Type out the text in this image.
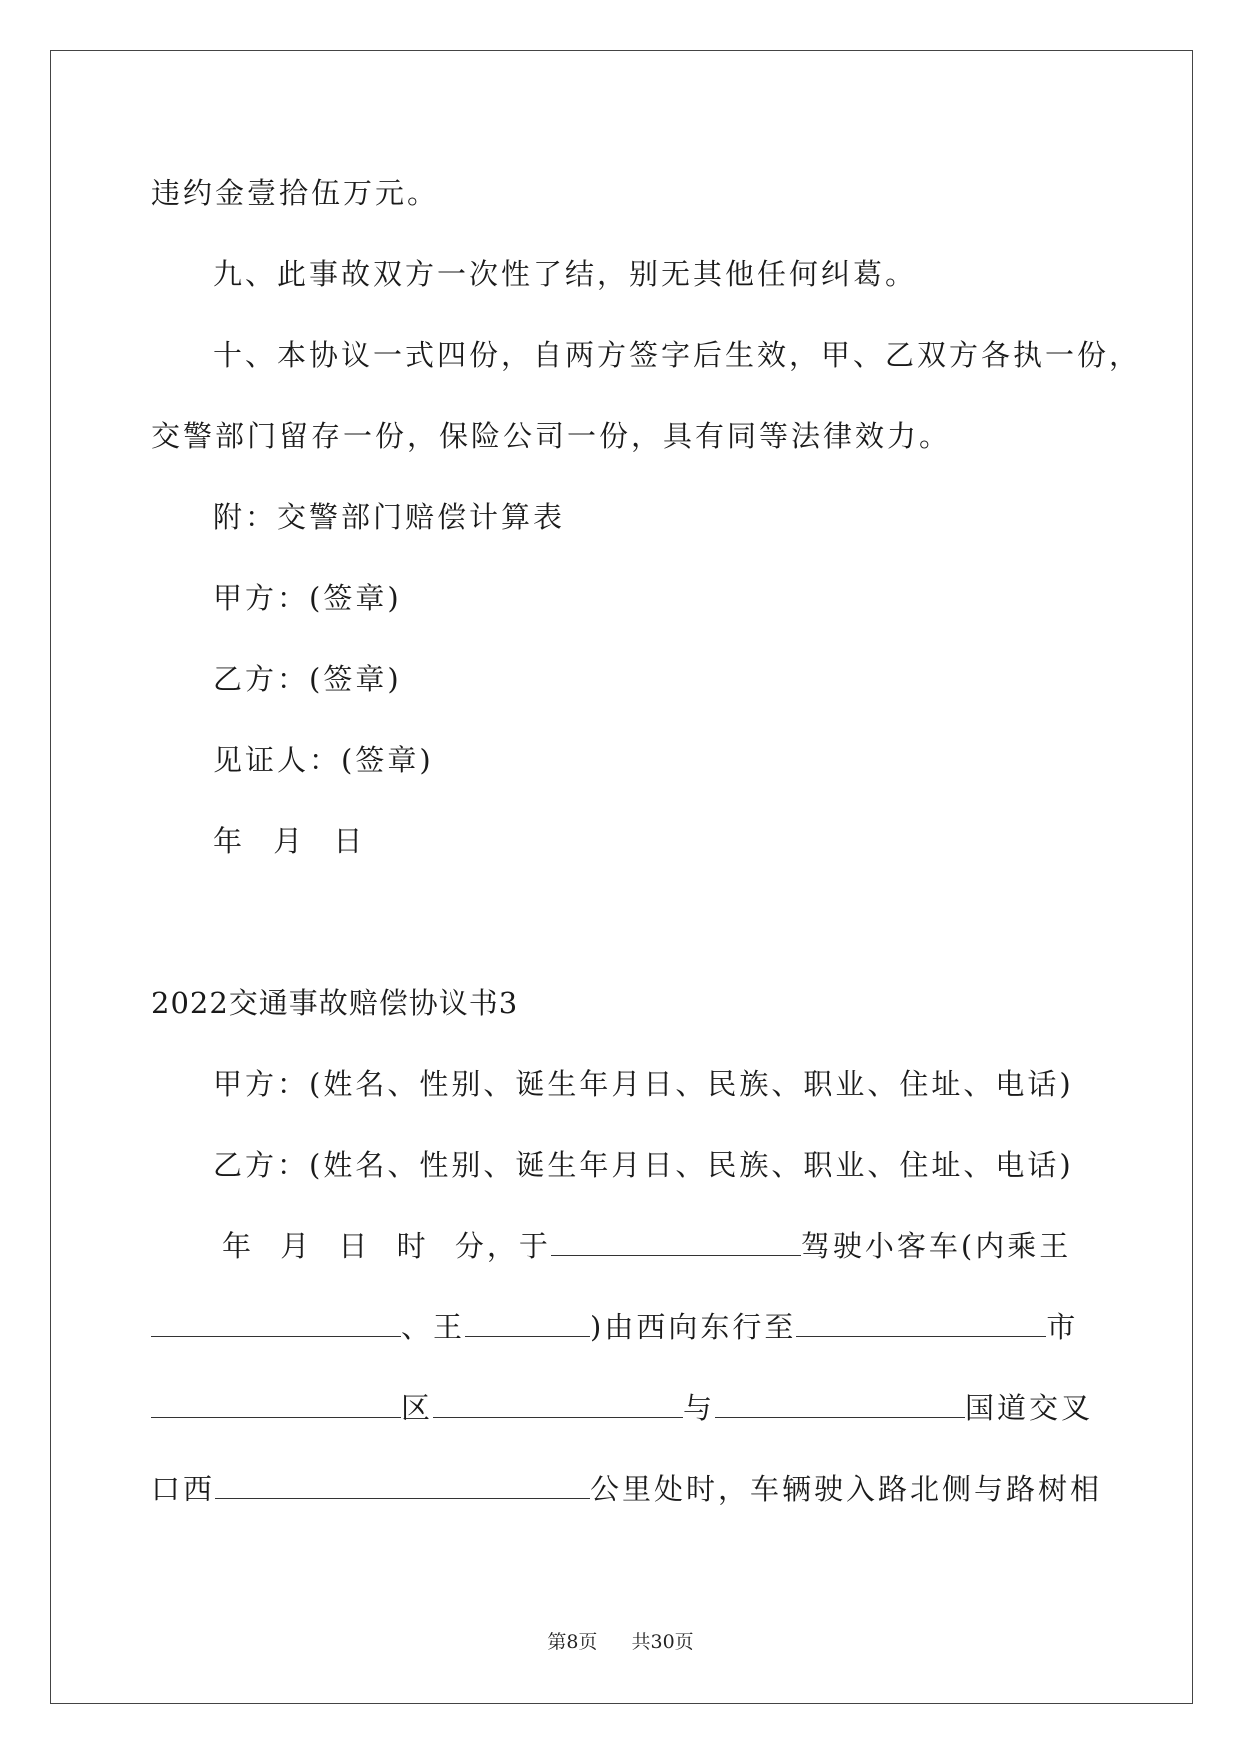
违约金壹拾伍万元。
九、此事故双方一次性了结，别无其他任何纠葛。
十、本协议一式四份，自两方签字后生效，甲、乙双方各执一份，
交警部门留存一份，保险公司一份，具有同等法律效力。
附：交警部门赔偿计算表
甲方：(签章)
乙方：(签章)
见证人：(签章)
年 月 日
2022交通事故赔偿协议书3
甲方：(姓名、性别、诞生年月日、民族、职业、住址、电话)
乙方：(姓名、性别、诞生年月日、民族、职业、住址、电话)
年 月 日 时 分，于	驾驶小客车(内乘王
、王	)由西向东行至	市
区	与	国道交叉
口西	公里处时，车辆驶入路北侧与路树相
第8页 共30页
